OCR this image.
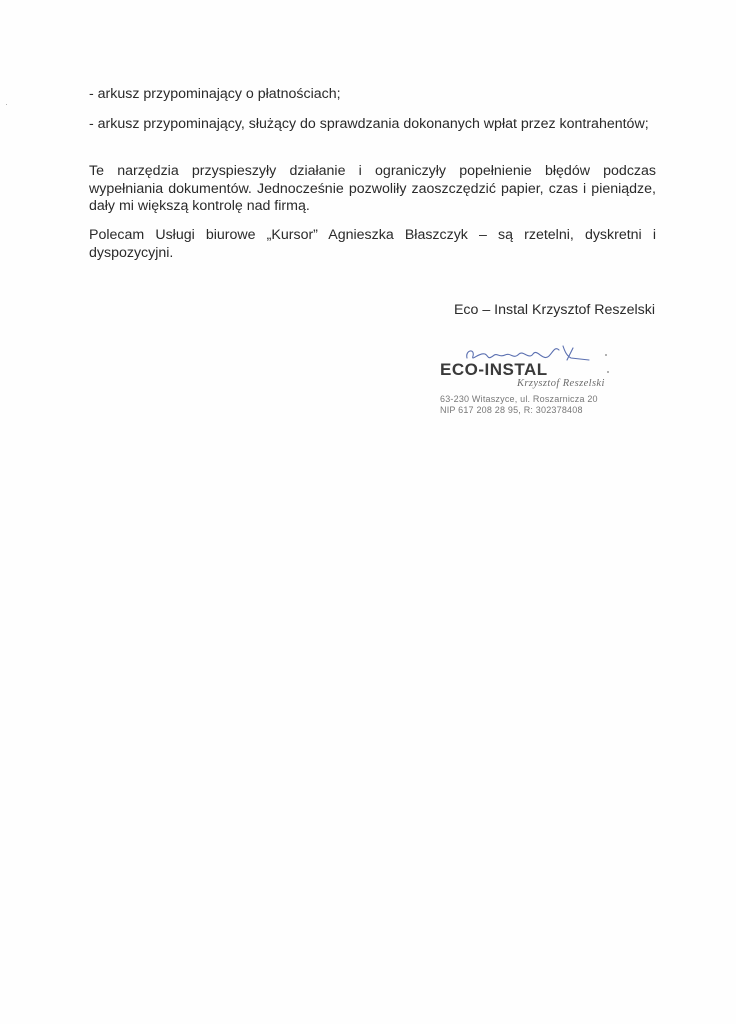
- arkusz przypominający o płatnościach;
- arkusz przypominający, służący do sprawdzania dokonanych wpłat przez kontrahentów;
Te narzędzia przyspieszyły działanie i ograniczyły popełnienie błędów podczas wypełniania dokumentów. Jednocześnie pozwoliły zaoszczędzić papier, czas i pieniądze, dały mi większą kontrolę nad firmą.
Polecam Usługi biurowe „Kursor” Agnieszka Błaszczyk – są rzetelni, dyskretni i dyspozycyjni.
Eco – Instal Krzysztof Reszelski
ECO-INSTAL
Krzysztof Reszelski
63-230 Witaszyce, ul. Roszarnicza 20
NIP 617 208 28 95, R: 302378408
